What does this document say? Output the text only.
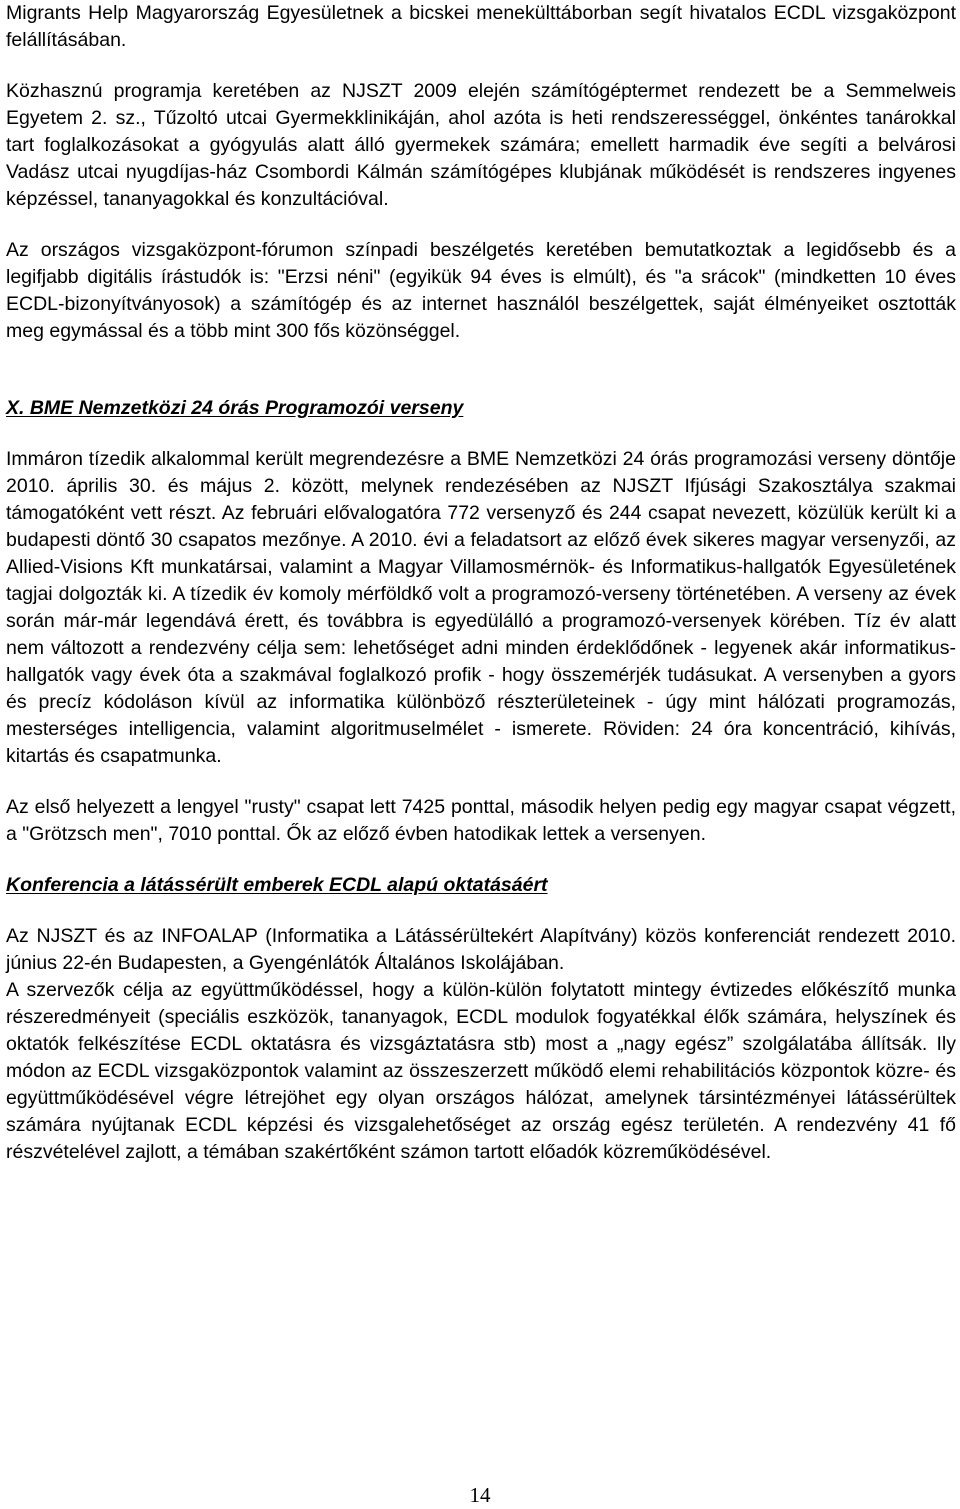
Migrants Help Magyarország Egyesületnek a bicskei menekülttáborban segít hivatalos ECDL vizsgaközpont felállításában.

Közhasznú programja keretében az NJSZT 2009 elején számítógéptermet rendezett be a Semmelweis Egyetem 2. sz., Tűzoltó utcai Gyermekklinikáján, ahol azóta is heti rendszerességgel, önkéntes tanárokkal tart foglalkozásokat a gyógyulás alatt álló gyermekek számára; emellett harmadik éve segíti a belvárosi Vadász utcai nyugdíjas-ház Csombordi Kálmán számítógépes klubjának működését is rendszeres ingyenes képzéssel, tananyagokkal és konzultációval.

Az országos vizsgaközpont-fórumon színpadi beszélgetés keretében bemutatkoztak a legidősebb és a legifjabb digitális írástudók is: "Erzsi néni" (egyikük 94 éves is elmúlt), és "a srácok" (mindketten 10 éves ECDL-bizonyítványosok) a számítógép és az internet használól beszélgettek, saját élményeiket osztották meg egymással és a több mint 300 fős közönséggel.

X. BME Nemzetközi 24 órás Programozói verseny

Immáron tízedik alkalommal került megrendezésre a BME Nemzetközi 24 órás programozási verseny döntője 2010. április 30. és május 2. között, melynek rendezésében az NJSZT Ifjúsági Szakosztálya szakmai támogatóként vett részt. Az februári elővalogatóra 772 versenyző és 244 csapat nevezett, közülük került ki a budapesti döntő 30 csapatos mezőnye. A 2010. évi a feladatsort az előző évek sikeres magyar versenyzői, az Allied-Visions Kft munkatársai, valamint a Magyar Villamosmérnök- és Informatikus-hallgatók Egyesületének tagjai dolgozták ki. A tízedik év komoly mérföldkő volt a programozó-verseny történetében. A verseny az évek során már-már legendává érett, és továbbra is egyedülálló a programozó-versenyek körében. Tíz év alatt nem változott a rendezvény célja sem: lehetőséget adni minden érdeklődőnek - legyenek akár informatikus-hallgatók vagy évek óta a szakmával foglalkozó profik - hogy összemérjék tudásukat. A versenyben a gyors és precíz kódoláson kívül az informatika különböző részterületeinek - úgy mint hálózati programozás, mesterséges intelligencia, valamint algoritmuselmélet - ismerete. Röviden: 24 óra koncentráció, kihívás, kitartás és csapatmunka.

Az első helyezett a lengyel "rusty" csapat lett 7425 ponttal, második helyen pedig egy magyar csapat végzett, a "Grötzsch men", 7010 ponttal. Ők az előző évben hatodikak lettek a versenyen.

Konferencia a látássérült emberek ECDL alapú oktatásáért

Az NJSZT és az INFOALAP (Informatika a Látássérültekért Alapítvány) közös konferenciát rendezett 2010. június 22-én Budapesten, a Gyengénlátók Általános Iskolájában.

A szervezők célja az együttműködéssel, hogy a külön-külön folytatott mintegy évtizedes előkészítő munka részeredményeit (speciális eszközök, tananyagok, ECDL modulok fogyatékkal élők számára, helyszínek és oktatók felkészítése ECDL oktatásra és vizsgáztatásra stb) most a „nagy egész” szolgálatába állítsák. Ily módon az ECDL vizsgaközpontok valamint az összeszerzett működő elemi rehabilitációs központok közre- és együttműködésével végre létrejöhet egy olyan országos hálózat, amelynek társintézményei látássérültek számára nyújtanak ECDL képzési és vizsgalehetőséget az ország egész területén. A rendezvény 41 fő részvételével zajlott, a témában szakértőként számon tartott előadók közreműködésével.

14
